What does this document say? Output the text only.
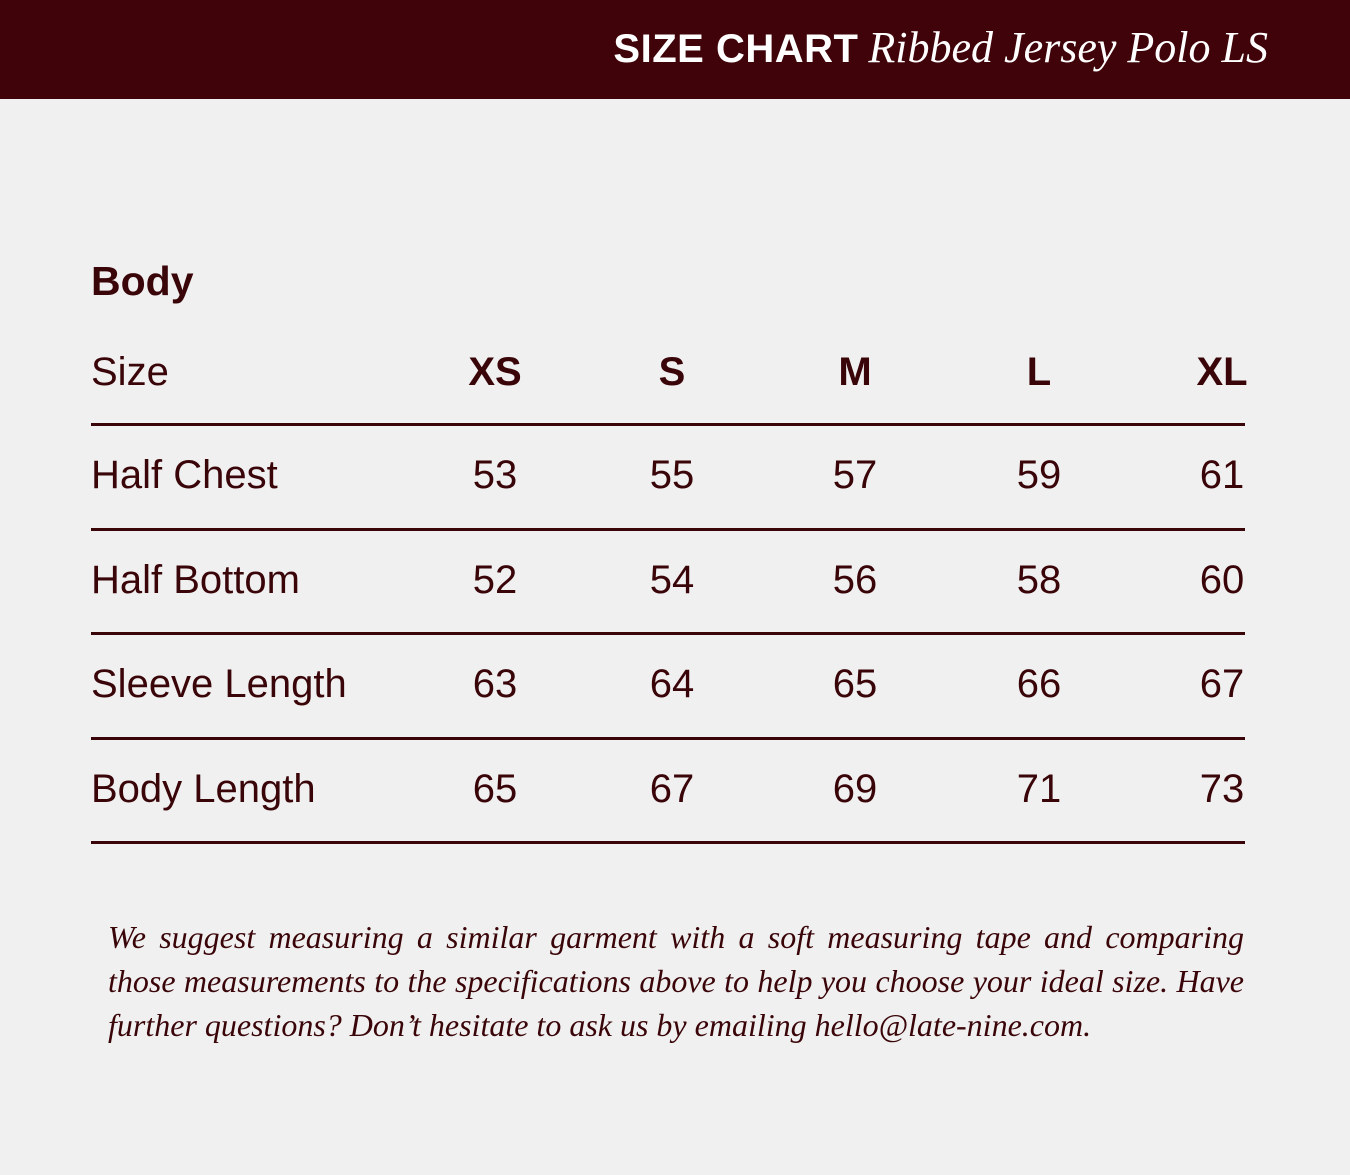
SIZE CHART Ribbed Jersey Polo LS
Body
Size	XS	S	M	L	XL
Half Chest	53	55	57	59	61
Half Bottom	52	54	56	58	60
Sleeve Length	63	64	65	66	67
Body Length	65	67	69	71	73
We suggest measuring a similar garment with a soft measuring tape and comparing those measurements to the specifications above to help you choose your ideal size. Have further questions? Don’t hesitate to ask us by emailing hello@late-nine.com.
